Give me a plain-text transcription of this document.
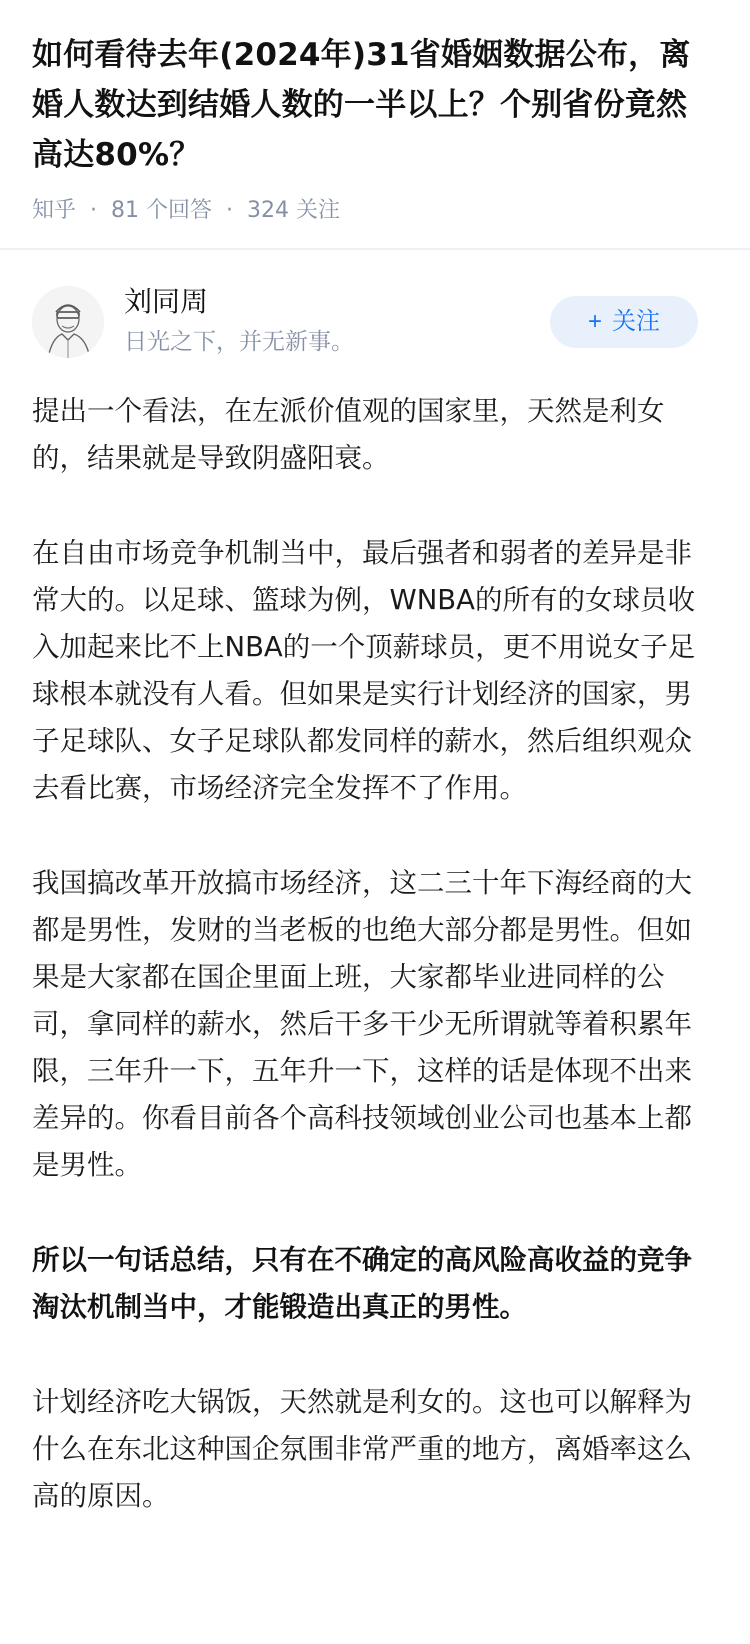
如何看待去年(2024年)31省婚姻数据公布，离婚人数达到结婚人数的一半以上？个别省份竟然高达80%？
知乎 · 81 个回答 · 324 关注
刘同周
日光之下，并无新事。
+ 关注

提出一个看法，在左派价值观的国家里，天然是利女的，结果就是导致阴盛阳衰。

在自由市场竞争机制当中，最后强者和弱者的差异是非常大的。以足球、篮球为例，WNBA的所有的女球员收入加起来比不上NBA的一个顶薪球员，更不用说女子足球根本就没有人看。但如果是实行计划经济的国家，男子足球队、女子足球队都发同样的薪水，然后组织观众去看比赛，市场经济完全发挥不了作用。

我国搞改革开放搞市场经济，这二三十年下海经商的大都是男性，发财的当老板的也绝大部分都是男性。但如果是大家都在国企里面上班，大家都毕业进同样的公司，拿同样的薪水，然后干多干少无所谓就等着积累年限，三年升一下，五年升一下，这样的话是体现不出来差异的。你看目前各个高科技领域创业公司也基本上都是男性。

所以一句话总结，只有在不确定的高风险高收益的竞争淘汰机制当中，才能锻造出真正的男性。

计划经济吃大锅饭，天然就是利女的。这也可以解释为什么在东北这种国企氛围非常严重的地方，离婚率这么高的原因。
